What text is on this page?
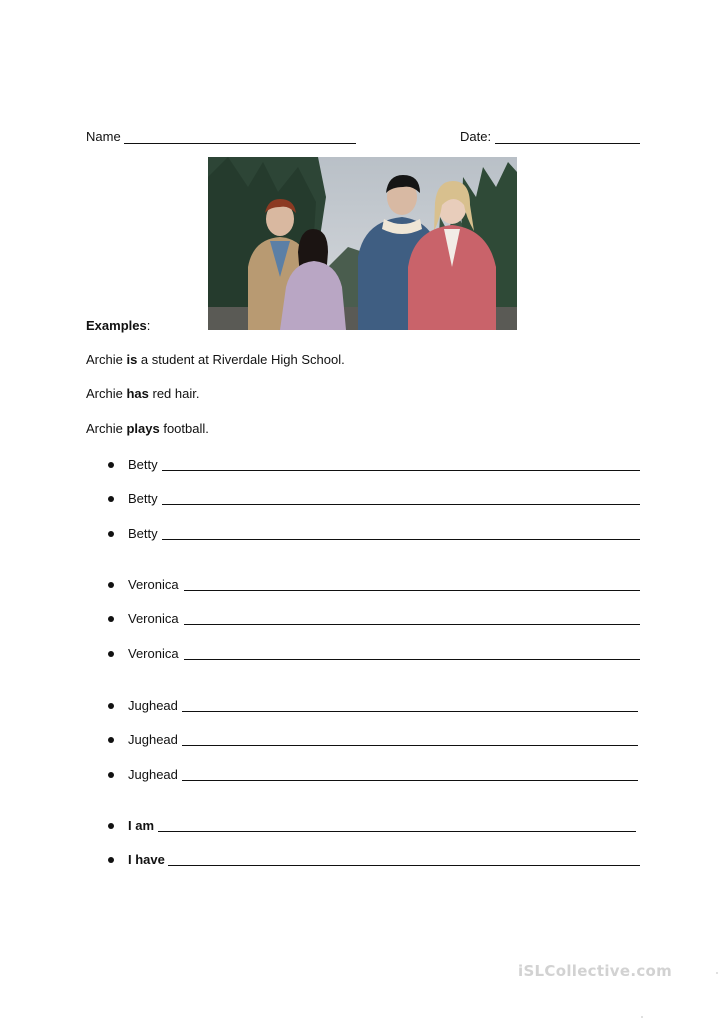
Name	Date:
Examples:
Archie is a student at Riverdale High School.
Archie has red hair.
Archie plays football.
Betty
Betty
Betty
Veronica
Veronica
Veronica
Jughead
Jughead
Jughead
I am
I have
iSLCollective.com
